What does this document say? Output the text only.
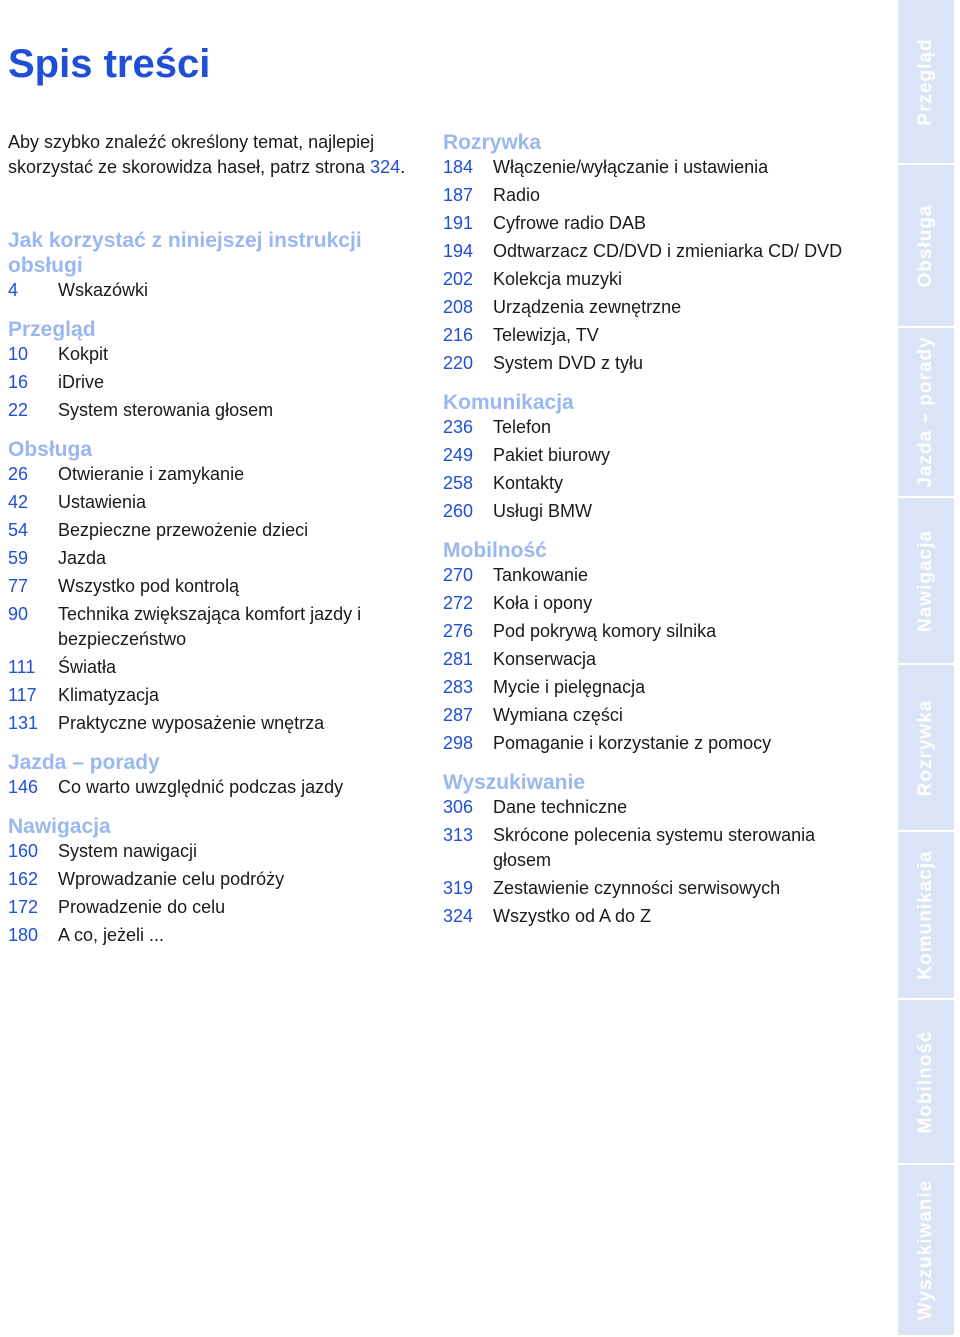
Spis treści
Aby szybko znaleźć określony temat, najlepiej skorzystać ze skorowidza haseł, patrz strona 324.
Jak korzystać z niniejszej instrukcji obsługi
4	Wskazówki
Przegląd
10	Kokpit
16	iDrive
22	System sterowania głosem
Obsługa
26	Otwieranie i zamykanie
42	Ustawienia
54	Bezpieczne przewożenie dzieci
59	Jazda
77	Wszystko pod kontrolą
90	Technika zwiększająca komfort jazdy i bezpieczeństwo
111	Światła
117	Klimatyzacja
131	Praktyczne wyposażenie wnętrza
Jazda – porady
146	Co warto uwzględnić podczas jazdy
Nawigacja
160	System nawigacji
162	Wprowadzanie celu podróży
172	Prowadzenie do celu
180	A co, jeżeli ...
Rozrywka
184	Włączenie/wyłączanie i ustawienia
187	Radio
191	Cyfrowe radio DAB
194	Odtwarzacz CD/DVD i zmieniarka CD/ DVD
202	Kolekcja muzyki
208	Urządzenia zewnętrzne
216	Telewizja, TV
220	System DVD z tyłu
Komunikacja
236	Telefon
249	Pakiet biurowy
258	Kontakty
260	Usługi BMW
Mobilność
270	Tankowanie
272	Koła i opony
276	Pod pokrywą komory silnika
281	Konserwacja
283	Mycie i pielęgnacja
287	Wymiana części
298	Pomaganie i korzystanie z pomocy
Wyszukiwanie
306	Dane techniczne
313	Skrócone polecenia systemu sterowania głosem
319	Zestawienie czynności serwisowych
324	Wszystko od A do Z
Przegląd
Obsługa
Jazda – porady
Nawigacja
Rozrywka
Komunikacja
Mobilność
Wyszukiwanie
